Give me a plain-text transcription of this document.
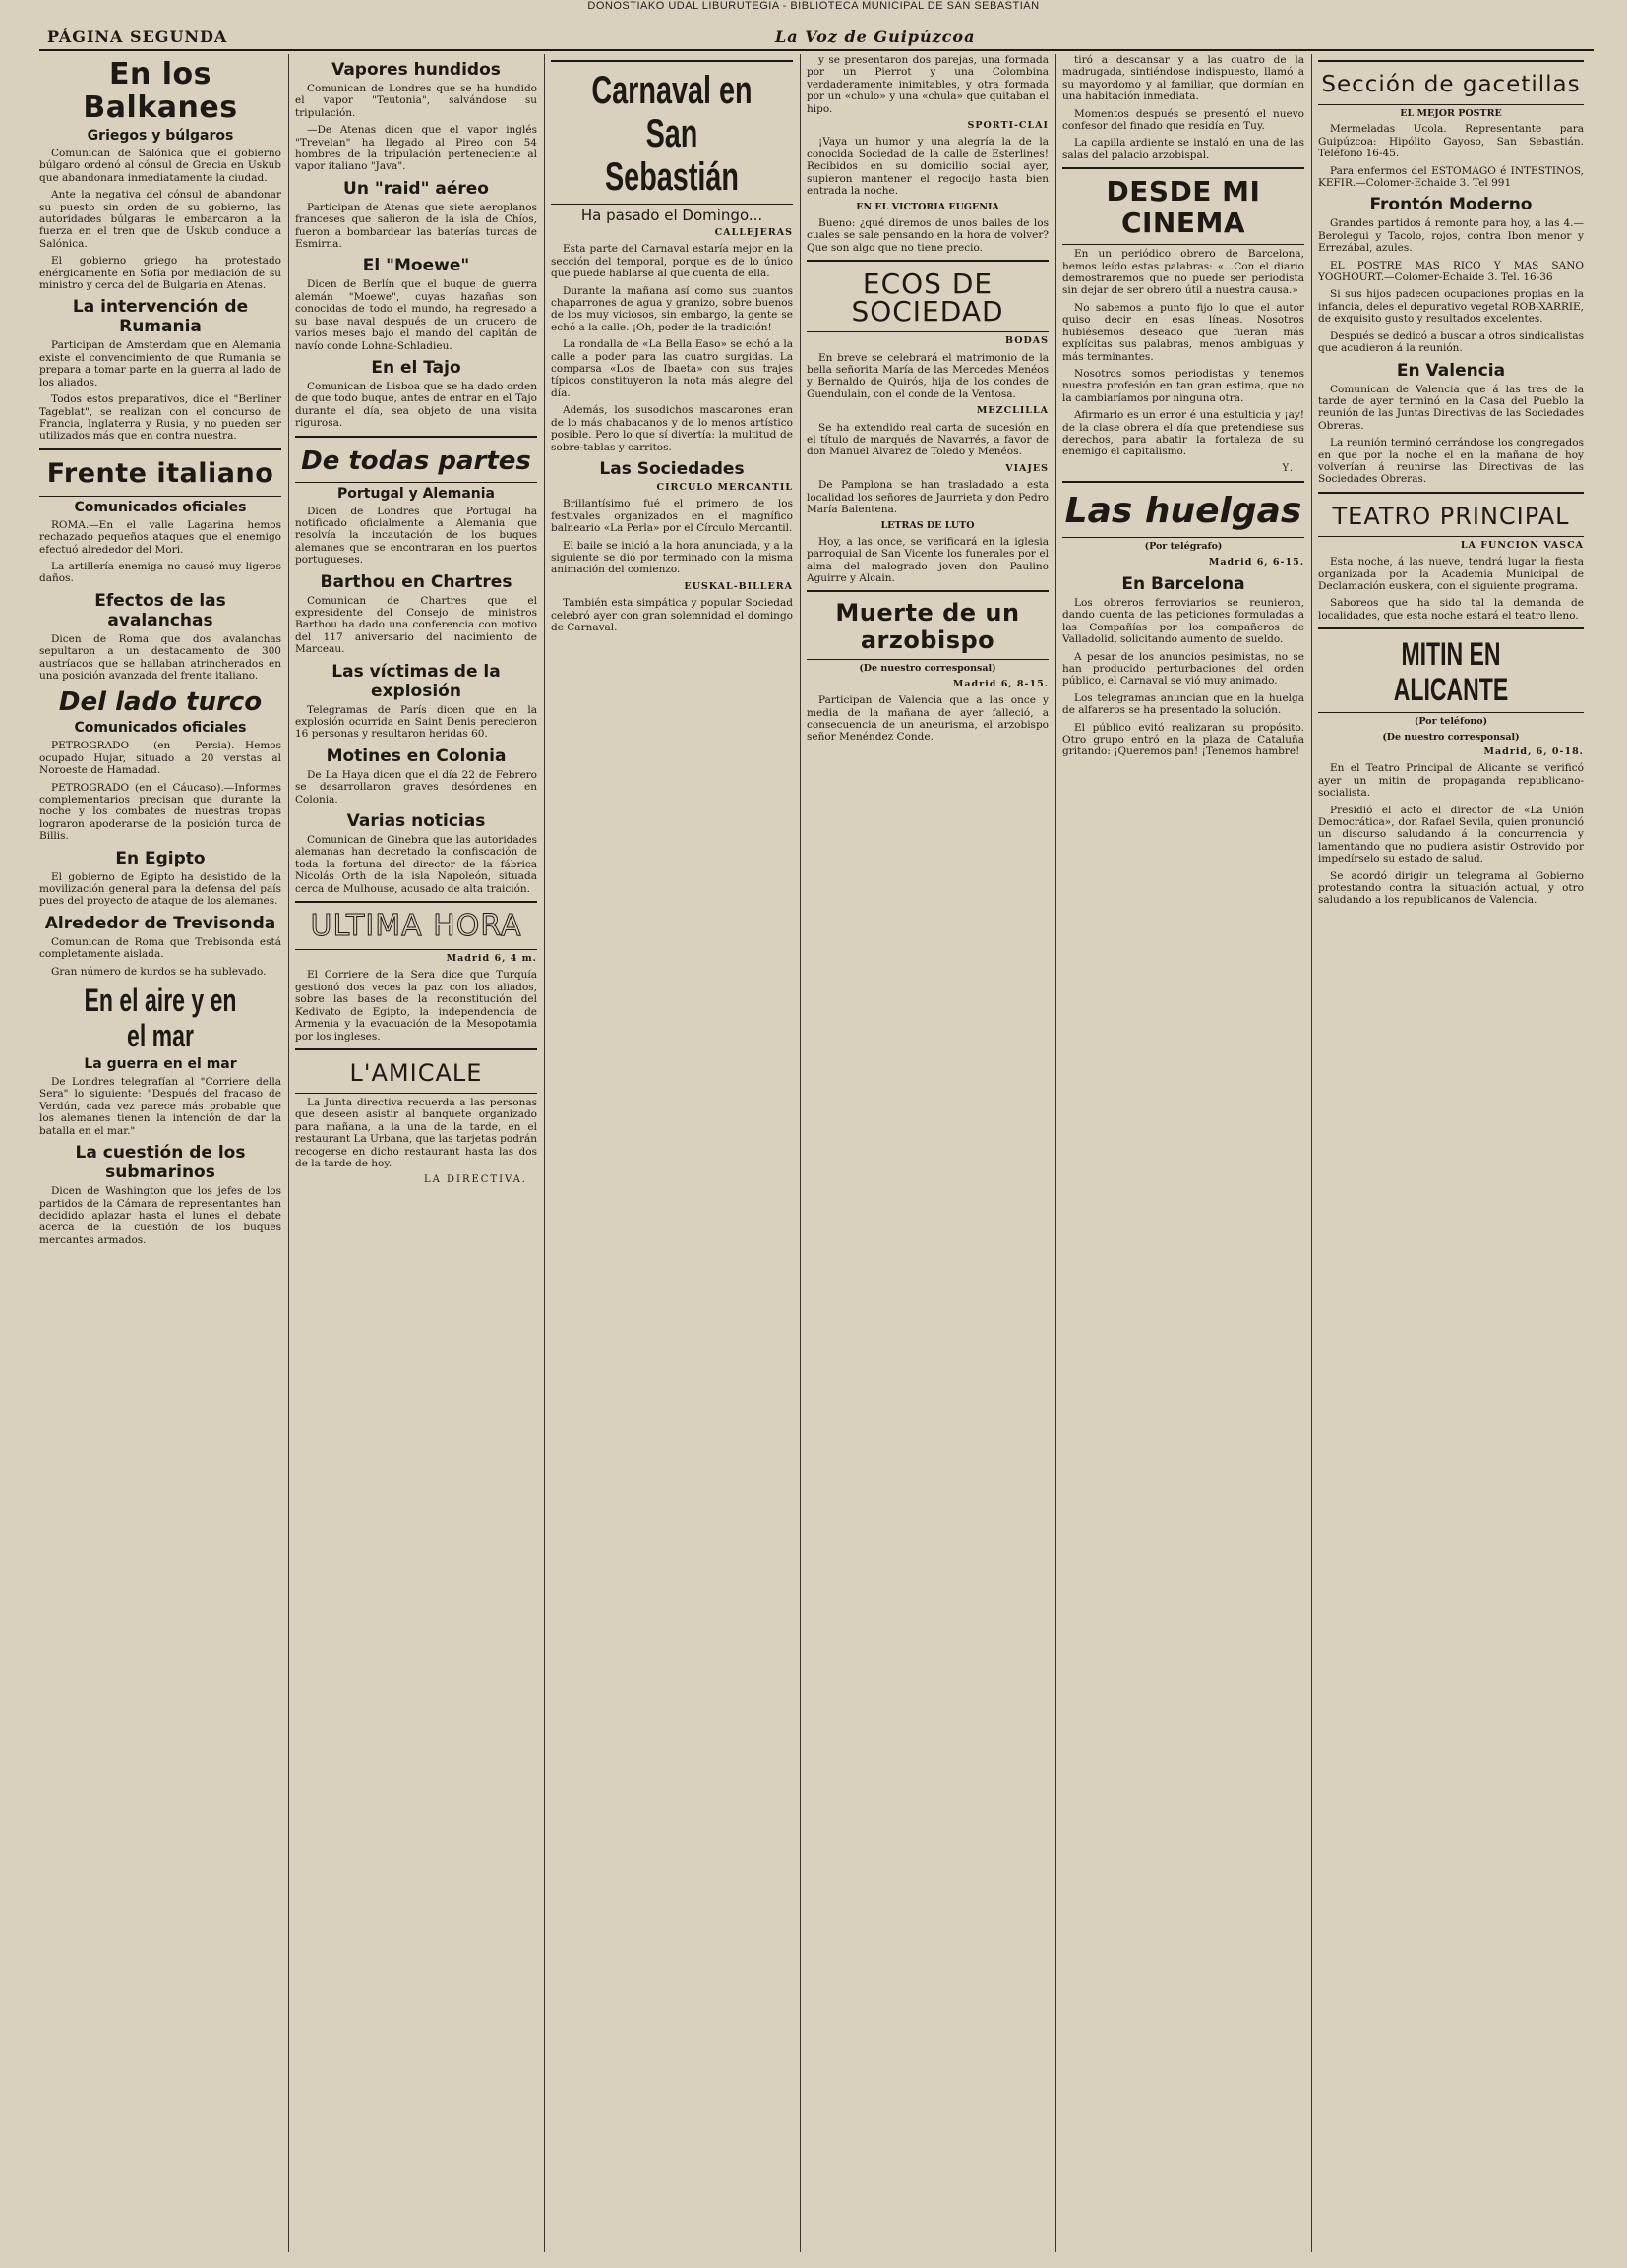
DONOSTIAKO UDAL LIBURUTEGIA - BIBLIOTECA MUNICIPAL DE SAN SEBASTIAN
PÁGINA SEGUNDA	La Voz de Guipúzcoa
En los Balkanes
Griegos y búlgaros

Comunican de Salónica que el gobierno búlgaro ordenó al cónsul de Grecia en Uskub que abandonara inmediatamente la ciudad.

Ante la negativa del cónsul de abandonar su puesto sin orden de su gobierno, las autoridades búlgaras le embarcaron a la fuerza en el tren que de Uskub conduce a Salónica.

El gobierno griego ha protestado enérgicamente en Sofía por mediación de su ministro y cerca del de Bulgaria en Atenas.

La intervención de Rumania

Participan de Amsterdam que en Alemania existe el convencimiento de que Rumania se prepara a tomar parte en la guerra al lado de los aliados.

Todos estos preparativos, dice el "Berliner Tageblat", se realizan con el concurso de Francia, Inglaterra y Rusia, y no pueden ser utilizados más que en contra nuestra.

Frente italiano
Comunicados oficiales

ROMA.—En el valle Lagarina hemos rechazado pequeños ataques que el enemigo efectuó alrededor del Mori.

La artillería enemiga no causó muy ligeros daños.

Efectos de las avalanchas

Dicen de Roma que dos avalanchas sepultaron a un destacamento de 300 austríacos que se hallaban atrincherados en una posición avanzada del frente italiano.

Del lado turco
Comunicados oficiales

PETROGRADO (en Persia).—Hemos ocupado Hujar, situado a 20 verstas al Noroeste de Hamadad.

PETROGRADO (en el Cáucaso).—Informes complementarios precisan que durante la noche y los combates de nuestras tropas lograron apoderarse de la posición turca de Billis.

En Egipto

El gobierno de Egipto ha desistido de la movilización general para la defensa del país pues del proyecto de ataque de los alemanes.

Alrededor de Trevisonda

Comunican de Roma que Trebisonda está completamente aislada.

Gran número de kurdos se ha sublevado.

En el aire y en el mar
La guerra en el mar

De Londres telegrafían al "Corriere della Sera" lo siguiente: "Después del fracaso de Verdún, cada vez parece más probable que los alemanes tienen la intención de dar la batalla en el mar."

La cuestión de los submarinos

Dicen de Washington que los jefes de los partidos de la Cámara de representantes han decidido aplazar hasta el lunes el debate acerca de la cuestión de los buques mercantes armados.

Vapores hundidos

Comunican de Londres que se ha hundido el vapor "Teutonia", salvándose su tripulación.

—De Atenas dicen que el vapor inglés "Trevelan" ha llegado al Pireo con 54 hombres de la tripulación perteneciente al vapor italiano "Java".

Un "raid" aéreo

Participan de Atenas que siete aeroplanos franceses que salieron de la isla de Chíos, fueron a bombardear las baterías turcas de Esmirna.

El "Moewe"

Dicen de Berlín que el buque de guerra alemán "Moewe", cuyas hazañas son conocidas de todo el mundo, ha regresado a su base naval después de un crucero de varios meses bajo el mando del capitán de navío conde Lohna-Schladieu.

En el Tajo

Comunican de Lisboa que se ha dado orden de que todo buque, antes de entrar en el Tajo durante el día, sea objeto de una visita rigurosa.

De todas partes
Portugal y Alemania

Dicen de Londres que Portugal ha notificado oficialmente a Alemania que resolvía la incautación de los buques alemanes que se encontraran en los puertos portugueses.

Barthou en Chartres

Comunican de Chartres que el expresidente del Consejo de ministros Barthou ha dado una conferencia con motivo del 117 aniversario del nacimiento de Marceau.

Las víctimas de la explosión

Telegramas de París dicen que en la explosión ocurrida en Saint Denis perecieron 16 personas y resultaron heridas 60.

Motines en Colonia

De La Haya dicen que el día 22 de Febrero se desarrollaron graves desórdenes en Colonia.

Varias noticias

Comunican de Ginebra que las autoridades alemanas han decretado la confiscación de toda la fortuna del director de la fábrica Nicolás Orth de la isla Napoleón, situada cerca de Mulhouse, acusado de alta traición.

ULTIMA HORA
Madrid 6, 4 m.

El Corriere de la Sera dice que Turquía gestionó dos veces la paz con los aliados, sobre las bases de la reconstitución del Kedivato de Egipto, la independencia de Armenia y la evacuación de la Mesopotamia por los ingleses.

L'AMICALE

La Junta directiva recuerda a las personas que deseen asistir al banquete organizado para mañana, a la una de la tarde, en el restaurant La Urbana, que las tarjetas podrán recogerse en dicho restaurant hasta las dos de la tarde de hoy.

LA DIRECTIVA.
Carnaval en San Sebastián
Ha pasado el Domingo...
CALLEJERAS

Esta parte del Carnaval estaría mejor en la sección del temporal, porque es de lo único que puede hablarse al que cuenta de ella.

Durante la mañana así como sus cuantos chaparrones de agua y granizo, sobre buenos de los muy viciosos, sin embargo, la gente se echó a la calle. ¡Oh, poder de la tradición!

La rondalla de «La Bella Easo» se echó a la calle a poder para las cuatro surgidas. La comparsa «Los de Ibaeta» con sus trajes típicos constituyeron la nota más alegre del día.

Además, los susodichos mascarones eran de lo más chabacanos y de lo menos artístico posible. Pero lo que sí divertía: la multitud de sobre-tablas y carritos.

Las Sociedades
CIRCULO MERCANTIL

Brillantísimo fué el primero de los festivales organizados en el magnífico balneario «La Perla» por el Círculo Mercantil.

El baile se inició a la hora anunciada, y a la siguiente se dió por terminado con la misma animación del comienzo.

EUSKAL-BILLERA

También esta simpática y popular Sociedad celebró ayer con gran solemnidad el domingo de Carnaval.

y se presentaron dos parejas, una formada por un Pierrot y una Colombina verdaderamente inimitables, y otra formada por un «chulo» y una «chula» que quitaban el hipo.

SPORTI-CLAI

¡Vaya un humor y una alegría la de la conocida Sociedad de la calle de Esterlines! Recibidos en su domicilio social ayer, supieron mantener el regocijo hasta bien entrada la noche.

EN EL VICTORIA EUGENIA

Bueno: ¿qué diremos de unos bailes de los cuales se sale pensando en la hora de volver? Que son algo que no tiene precio.

ECOS DE SOCIEDAD
BODAS

En breve se celebrará el matrimonio de la bella señorita María de las Mercedes Menéos y Bernaldo de Quirós, hija de los condes de Guendulain, con el conde de la Ventosa.

MEZCLILLA

Se ha extendido real carta de sucesión en el título de marqués de Navarrés, a favor de don Manuel Alvarez de Toledo y Menéos.

VIAJES

De Pamplona se han trasladado a esta localidad los señores de Jaurrieta y don Pedro María Balentena.

LETRAS DE LUTO

Hoy, a las once, se verificará en la iglesia parroquial de San Vicente los funerales por el alma del malogrado joven don Paulino Aguirre y Alcain.

Muerte de un arzobispo
(De nuestro corresponsal)
Madrid 6, 8-15.

Participan de Valencia que a las once y media de la mañana de ayer falleció, a consecuencia de un aneurisma, el arzobispo señor Menéndez Conde.

tiró a descansar y a las cuatro de la madrugada, sintiéndose indispuesto, llamó a su mayordomo y al familiar, que dormían en una habitación inmediata.

Momentos después se presentó el nuevo confesor del finado que residía en Tuy.

La capilla ardiente se instaló en una de las salas del palacio arzobispal.

DESDE MI CINEMA

En un periódico obrero de Barcelona, hemos leído estas palabras: «...Con el diario demostraremos que no puede ser periodista sin dejar de ser obrero útil a nuestra causa.»

No sabemos a punto fijo lo que el autor quiso decir en esas líneas. Nosotros hubiésemos deseado que fueran más explícitas sus palabras, menos ambiguas y más terminantes.

Nosotros somos periodistas y tenemos nuestra profesión en tan gran estima, que no la cambiaríamos por ninguna otra.

Afirmarlo es un error é una estulticia y ¡ay! de la clase obrera el día que pretendiese sus derechos, para abatir la fortaleza de su enemigo el capitalismo.

Y.
Las huelgas
(Por telégrafo)
Madrid 6, 6-15.
En Barcelona

Los obreros ferroviarios se reunieron, dando cuenta de las peticiones formuladas a las Compañías por los compañeros de Valladolid, solicitando aumento de sueldo.

A pesar de los anuncios pesimistas, no se han producido perturbaciones del orden público, el Carnaval se vió muy animado.

Los telegramas anuncian que en la huelga de alfareros se ha presentado la solución.

El público evitó realizaran su propósito. Otro grupo entró en la plaza de Cataluña gritando: ¡Queremos pan! ¡Tenemos hambre!

Sección de gacetillas
EL MEJOR POSTRE

Mermeladas Ucola. Representante para Guipúzcoa: Hipólito Gayoso, San Sebastián. Teléfono 16-45.

Para enfermos del ESTOMAGO é INTESTINOS, KEFIR.—Colomer-Echaide 3. Tel 991

Frontón Moderno

Grandes partidos á remonte para hoy, a las 4.—Berolegui y Tacolo, rojos, contra Ibon menor y Errezábal, azules.

EL POSTRE MAS RICO Y MAS SANO YOGHOURT.—Colomer-Echaide 3. Tel. 16-36

Si sus hijos padecen ocupaciones propias en la infancia, deles el depurativo vegetal ROB-XARRIE, de exquisito gusto y resultados excelentes.

Después se dedicó a buscar a otros sindicalistas que acudieron á la reunión.

En Valencia

Comunican de Valencia que á las tres de la tarde de ayer terminó en la Casa del Pueblo la reunión de las Juntas Directivas de las Sociedades Obreras.

La reunión terminó cerrándose los congregados en que por la noche el en la mañana de hoy volverían á reunirse las Directivas de las Sociedades Obreras.

TEATRO PRINCIPAL
LA FUNCION VASCA

Esta noche, á las nueve, tendrá lugar la fiesta organizada por la Academia Municipal de Declamación euskera, con el siguiente programa.

Saboreos que ha sido tal la demanda de localidades, que esta noche estará el teatro lleno.

MITIN EN ALICANTE
(Por teléfono)
(De nuestro corresponsal)
Madrid, 6, 0-18.

En el Teatro Principal de Alicante se verificó ayer un mitin de propaganda republicano-socialista.

Presidió el acto el director de «La Unión Democrática», don Rafael Sevila, quien pronunció un discurso saludando á la concurrencia y lamentando que no pudiera asistir Ostrovido por impedírselo su estado de salud.

Se acordó dirigir un telegrama al Gobierno protestando contra la situación actual, y otro saludando a los republicanos de Valencia.
